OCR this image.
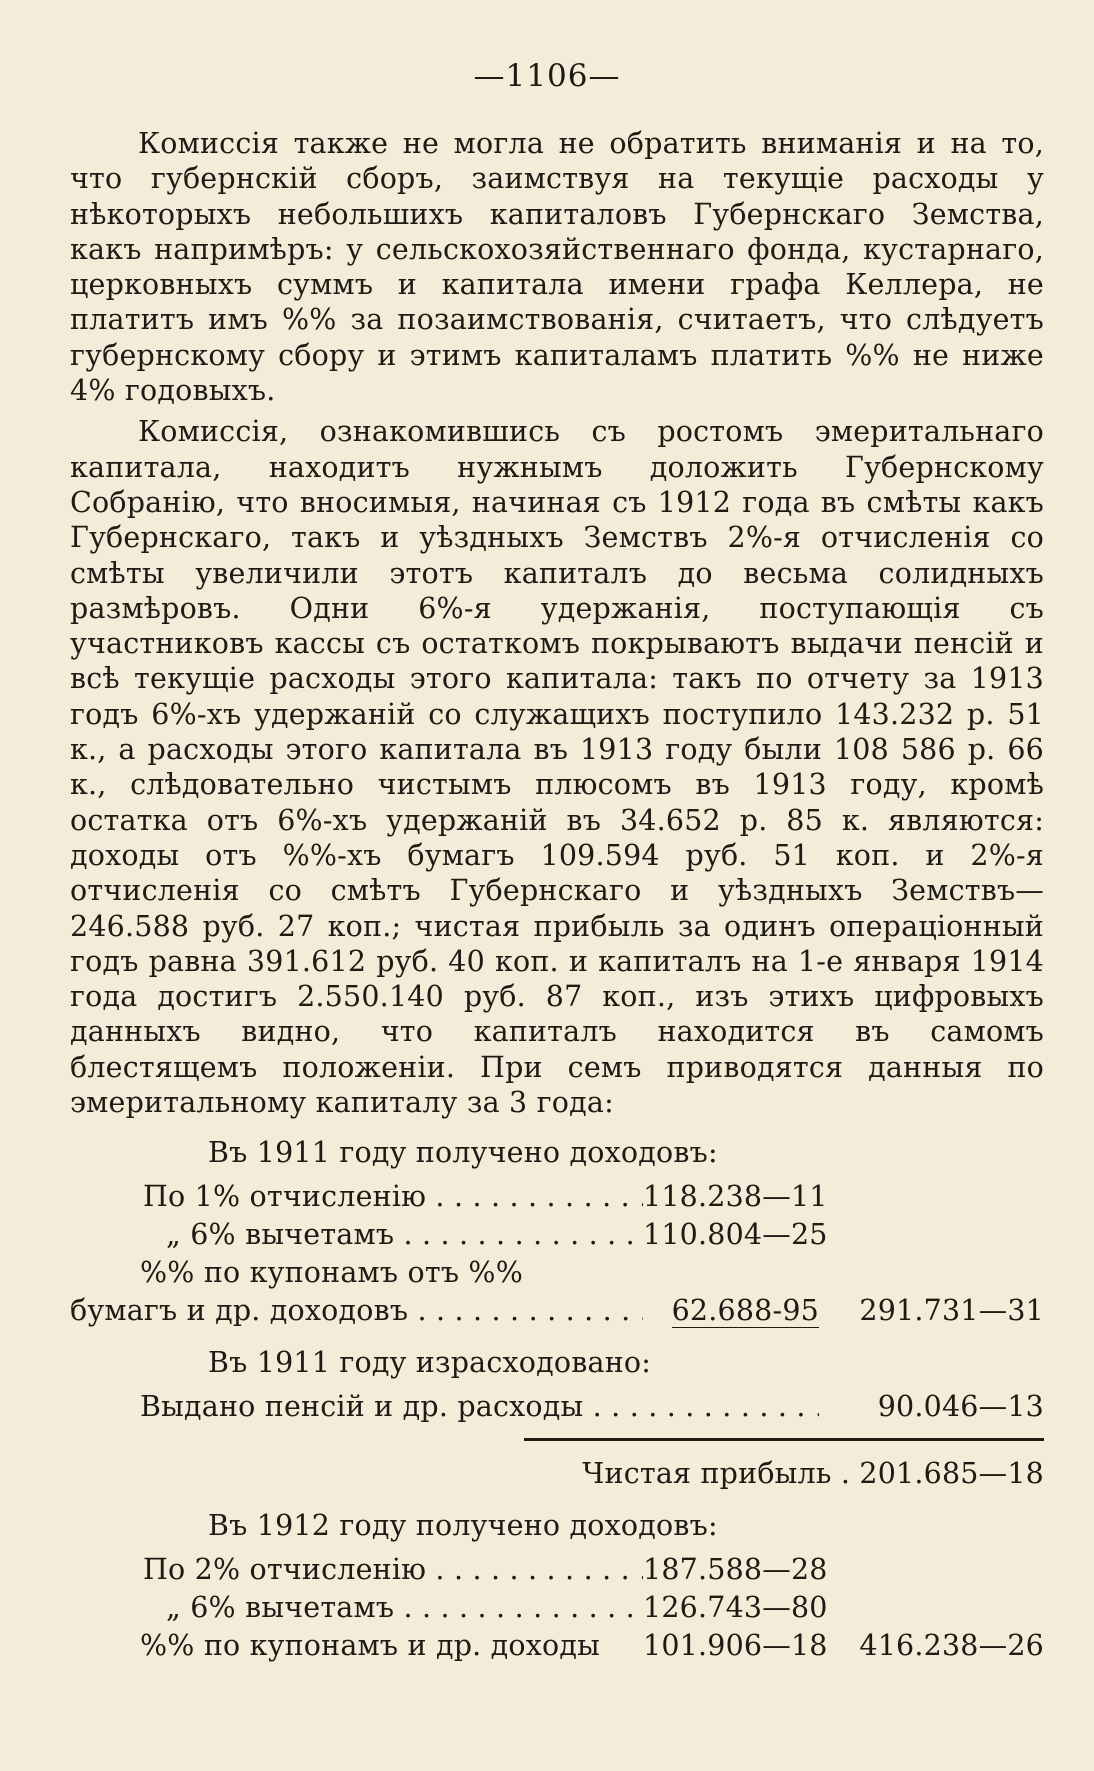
—1106—

Комиссія также не могла не обратить вниманія и на то, что губернскій сборъ, заимствуя на текущіе расходы у нѣкоторыхъ небольшихъ капиталовъ Губернскаго Земства, какъ напримѣръ: у сельскохозяйственнаго фонда, кустарнаго, церковныхъ суммъ и капитала имени графа Келлера, не платитъ имъ %% за позаимствованія, считаетъ, что слѣдуетъ губернскому сбору и этимъ капиталамъ платить %% не ниже 4% годовыхъ.

Комиссія, ознакомившись съ ростомъ эмеритальнаго капитала, находитъ нужнымъ доложить Губернскому Собранію, что вносимыя, начиная съ 1912 года въ смѣты какъ Губернскаго, такъ и уѣздныхъ Земствъ 2%-я отчисленія со смѣты увеличили этотъ капиталъ до весьма солидныхъ размѣровъ. Одни 6%-я удержанія, поступающія съ участниковъ кассы съ остаткомъ покрываютъ выдачи пенсій и всѣ текущіе расходы этого капитала: такъ по отчету за 1913 годъ 6%-хъ удержаній со служащихъ поступило 143.232 р. 51 к., а расходы этого капитала въ 1913 году были 108 586 р. 66 к., слѣдовательно чистымъ плюсомъ въ 1913 году, кромѣ остатка отъ 6%-хъ удержаній въ 34.652 р. 85 к. являются: доходы отъ %%-хъ бумагъ 109.594 руб. 51 коп. и 2%-я отчисленія со смѣтъ Губернскаго и уѣздныхъ Земствъ— 246.588 руб. 27 коп.; чистая прибыль за одинъ операціонный годъ равна 391.612 руб. 40 коп. и капиталъ на 1-е января 1914 года достигъ 2.550.140 руб. 87 коп., изъ этихъ цифровыхъ данныхъ видно, что капиталъ находится въ самомъ блестящемъ положеніи. При семъ приводятся данныя по эмеритальному капиталу за 3 года:

Въ 1911 году получено доходовъ:
По 1% отчисленію . . .	118.238—11
„ 6% вычетамъ . . .	110.804—25
%% по купонамъ отъ %%
бумагъ и др. доходовъ . . .	62.688-95	291.731—31
Въ 1911 году израсходовано:
Выдано пенсій и др. расходы . . .	90.046—13
Чистая прибыль . 201.685—18
Въ 1912 году получено доходовъ:
По 2% отчисленію . . .	187.588—28
„ 6% вычетамъ . . .	126.743—80
%% по купонамъ и др. доходы 101.906—18	416.238—26
